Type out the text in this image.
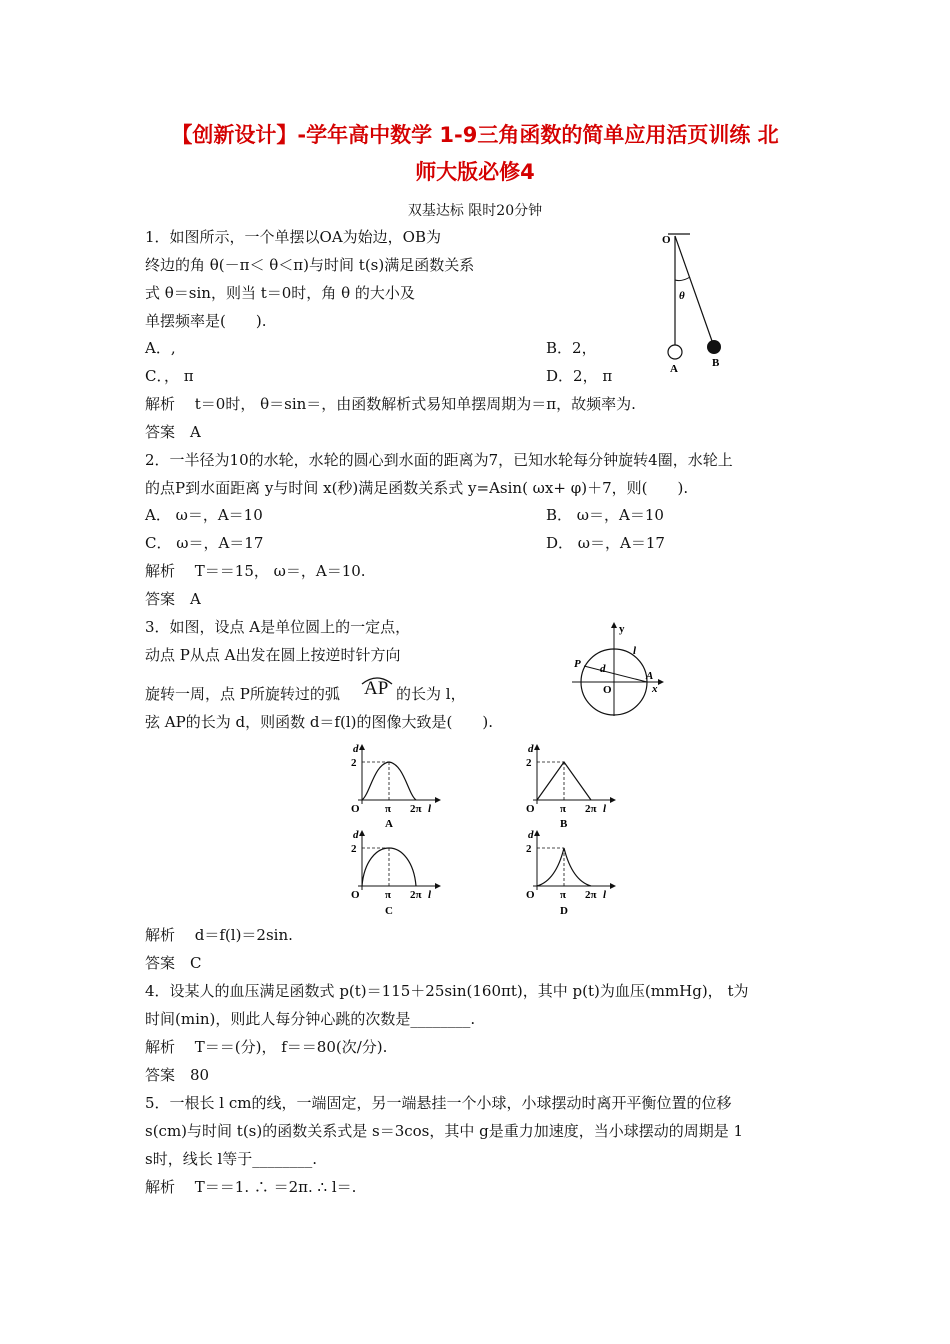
【创新设计】-学年高中数学 1-9三角函数的简单应用活页训练 北
师大版必修4
双基达标 限时20分钟
1．如图所示，一个单摆以OA为始边，OB为
终边的角 θ(－π＜ θ＜π)与时间 t(s)满足函数关系
式 θ＝sin，则当 t＝0时，角 θ 的大小及
单摆频率是(　　).
A．,	B．2，
C．， π	D．2， π
O
θ
A	B
解析　 t＝0时， θ＝sin＝，由函数解析式易知单摆周期为＝π，故频率为.
答案　A
2．一半径为10的水轮，水轮的圆心到水面的距离为7，已知水轮每分钟旋转4圈，水轮上
的点P到水面距离 y与时间 x(秒)满足函数关系式 y=Asin( ωx+ φ)＋7，则(　　).
A． ω＝，A＝10	B． ω＝，A＝10
C． ω＝，A＝17	D． ω＝，A＝17
解析　 T＝＝15， ω＝，A＝10.
答案　A
3．如图，设点 A是单位圆上的一定点，
动点 P从点 A出发在圆上按逆时针方向
旋转一周，点 P所旋转过的弧 AP 的长为 l，
弦 AP的长为 d，则函数 d＝f(l)的图像大致是(　　).
y
x
O
P
A
d
l
d
2
O π 2π l
A
d
2
O π 2π l
B
d
2
O π 2π l
C
d
2
O π 2π l
D
解析　 d＝f(l)＝2sin.
答案　C
4．设某人的血压满足函数式 p(t)＝115＋25sin(160πt)，其中 p(t)为血压(mmHg)， t为
时间(min)，则此人每分钟心跳的次数是________.
解析　 T＝＝(分)， f＝＝80(次/分).
答案　80
5．一根长 l cm的线，一端固定，另一端悬挂一个小球，小球摆动时离开平衡位置的位移
s(cm)与时间 t(s)的函数关系式是 s＝3cos，其中 g是重力加速度，当小球摆动的周期是 1
s时，线长 l等于________.
解析　 T＝＝1. ∴ ＝2π. ∴ l＝.
